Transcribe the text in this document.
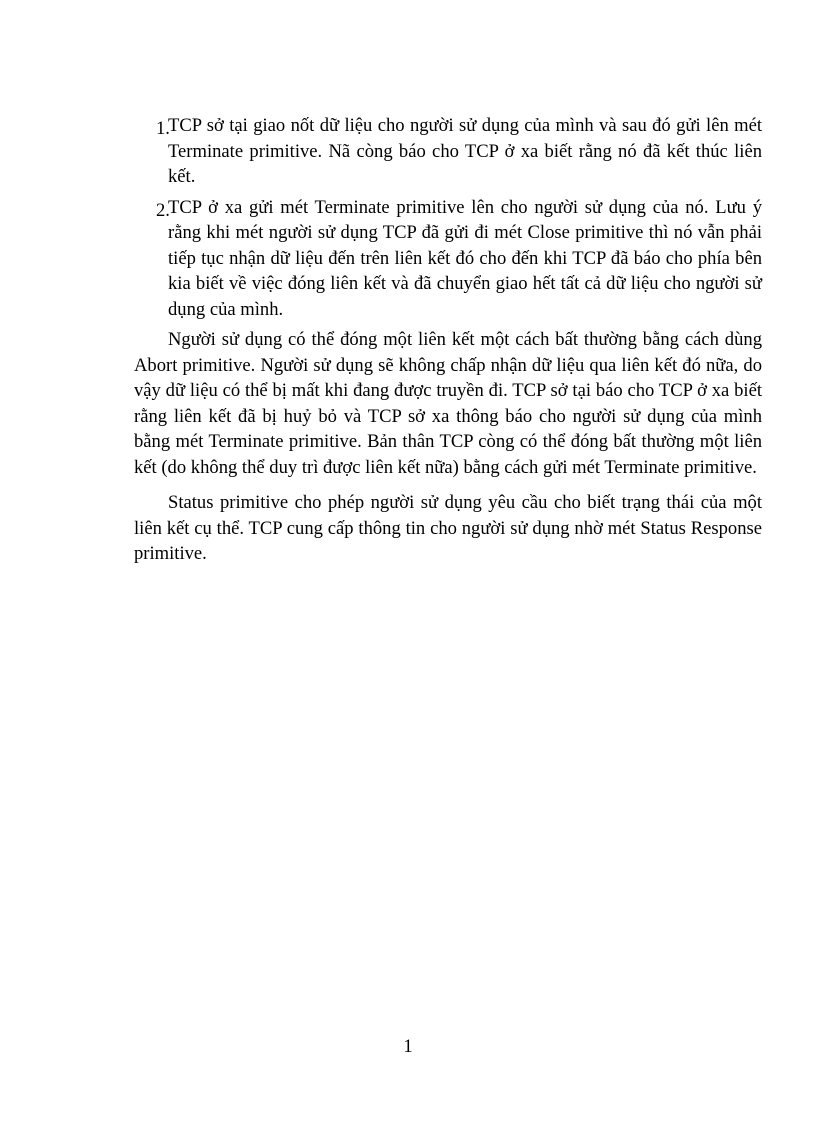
1.
TCP sở tại giao nốt dữ liệu cho người sử dụng của mình và sau đó gửi lên mét Terminate primitive. Nã còng báo cho TCP ở xa biết rằng nó đã kết thúc liên kết.
2.
TCP ở xa gửi mét Terminate primitive lên cho người sử dụng của nó. Lưu ý rằng khi mét người sử dụng TCP đã gửi đi mét Close primitive thì nó vẫn phải tiếp tục nhận dữ liệu đến trên liên kết đó cho đến khi TCP đã báo cho phía bên kia biết về việc đóng liên kết và đã chuyển giao hết tất cả dữ liệu cho người sử dụng của mình.

Người sử dụng có thể đóng một liên kết một cách bất thường bằng cách dùng Abort primitive. Người sử dụng sẽ không chấp nhận dữ liệu qua liên kết đó nữa, do vậy dữ liệu có thể bị mất khi đang được truyền đi. TCP sở tại báo cho TCP ở xa biết rằng liên kết đã bị huỷ bỏ và TCP sở xa thông báo cho người sử dụng của mình bằng mét Terminate primitive. Bản thân TCP còng có thể đóng bất thường một liên kết (do không thể duy trì được liên kết nữa) bằng cách gửi mét Terminate primitive.

Status primitive cho phép người sử dụng yêu cầu cho biết trạng thái của một liên kết cụ thể. TCP cung cấp thông tin cho người sử dụng nhờ mét Status Response primitive.

1
